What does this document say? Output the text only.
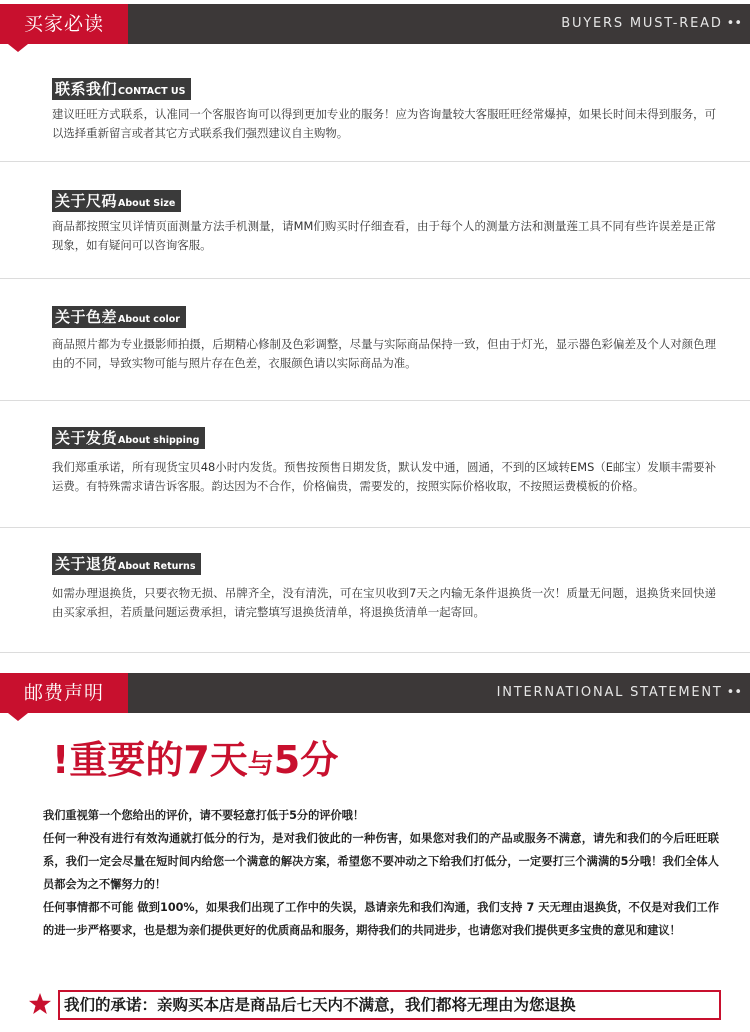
买家必读	BUYERS MUST-READ ••
联系我们CONTACT US
建议旺旺方式联系，认准同一个客服咨询可以得到更加专业的服务！应为咨询量较大客服旺旺经常爆掉，如果长时间未得到服务，可以选择重新留言或者其它方式联系我们强烈建议自主购物。
关于尺码About Size
商品都按照宝贝详情页面测量方法手机测量，请MM们购买时仔细查看，由于每个人的测量方法和测量莲工具不同有些许误差是正常现象，如有疑问可以咨询客服。
关于色差About color
商品照片都为专业摄影师拍摄，后期精心修制及色彩调整，尽量与实际商品保持一致，但由于灯光，显示器色彩偏差及个人对颜色理由的不同，导致实物可能与照片存在色差，衣服颜色请以实际商品为准。
关于发货About shipping
我们郑重承诺，所有现货宝贝48小时内发货。预售按预售日期发货，默认发中通，圆通，不到的区域转EMS（E邮宝）发顺丰需要补运费。有特殊需求请告诉客服。韵达因为不合作，价格偏贵，需要发的，按照实际价格收取，不按照运费模板的价格。
关于退货About Returns
如需办理退换货，只要衣物无损、吊牌齐全，没有清洗，可在宝贝收到7天之内输无条件退换货一次！质量无问题，退换货来回快递由买家承担，若质量问题运费承担，请完整填写退换货清单，将退换货清单一起寄回。
邮费声明	INTERNATIONAL STATEMENT ••
!重要的7天与5分
我们重视第一个您给出的评价，请不要轻意打低于5分的评价哦！
任何一种没有进行有效沟通就打低分的行为，是对我们彼此的一种伤害，如果您对我们的产品或服务不满意，请先和我们的今后旺旺联系，我们一定会尽量在短时间内给您一个满意的解决方案，希望您不要冲动之下给我们打低分，一定要打三个满满的5分哦！我们全体人员都会为之不懈努力的！
任何事情都不可能 做到100%，如果我们出现了工作中的失误，恳请亲先和我们沟通，我们支持 7 天无理由退换货，不仅是对我们工作的进一步严格要求，也是想为亲们提供更好的优质商品和服务，期待我们的共同进步，也请您对我们提供更多宝贵的意见和建议！
我们的承诺：亲购买本店是商品后七天内不满意，我们都将无理由为您退换
